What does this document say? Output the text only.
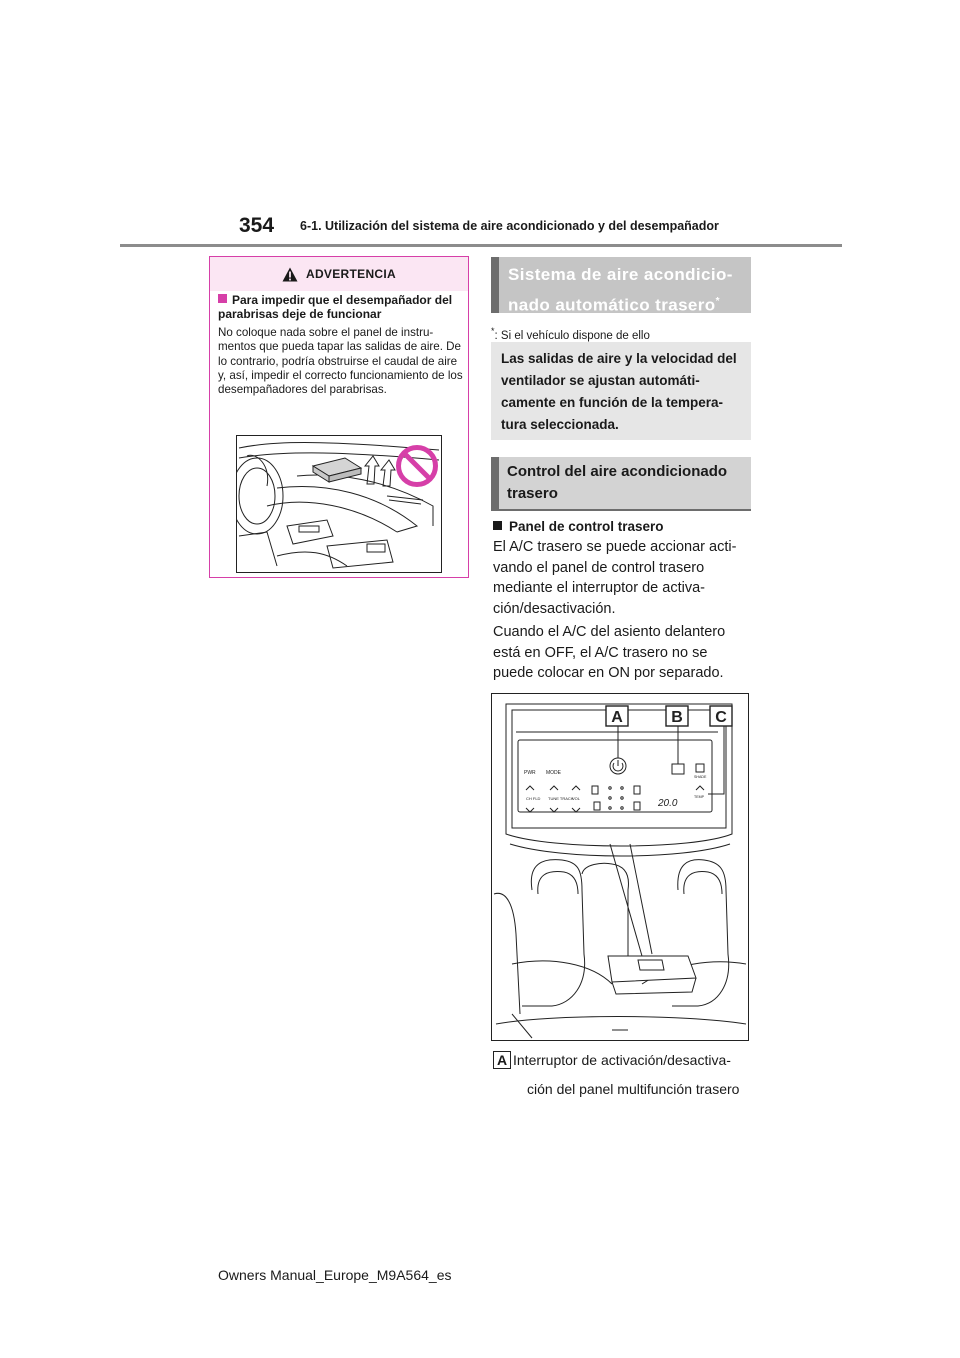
354 6-1. Utilización del sistema de aire acondicionado y del desempañador
ADVERTENCIA
Para impedir que el desempañador del parabrisas deje de funcionar
No coloque nada sobre el panel de instru-mentos que pueda tapar las salidas de aire. De lo contrario, podría obstruirse el caudal de aire y, así, impedir el correcto funcionamiento de los desempañadores del parabrisas.
Sistema de aire acondicio-nado automático trasero*
*: Si el vehículo dispone de ello
Las salidas de aire y la velocidad del ventilador se ajustan automáti-camente en función de la tempera-tura seleccionada.
Control del aire acondicionado trasero
Panel de control trasero
El A/C trasero se puede accionar acti-vando el panel de control trasero mediante el interruptor de activa-ción/desactivación.
Cuando el A/C del asiento delantero está en OFF, el A/C trasero no se puede colocar en ON por separado.
PWR MODE
CH FLD TUNE TRACK
VOL	20.0
SHADE
TEMP
A	B C
A Interruptor de activación/desactiva-
ción del panel multifunción trasero
Owners Manual_Europe_M9A564_es
